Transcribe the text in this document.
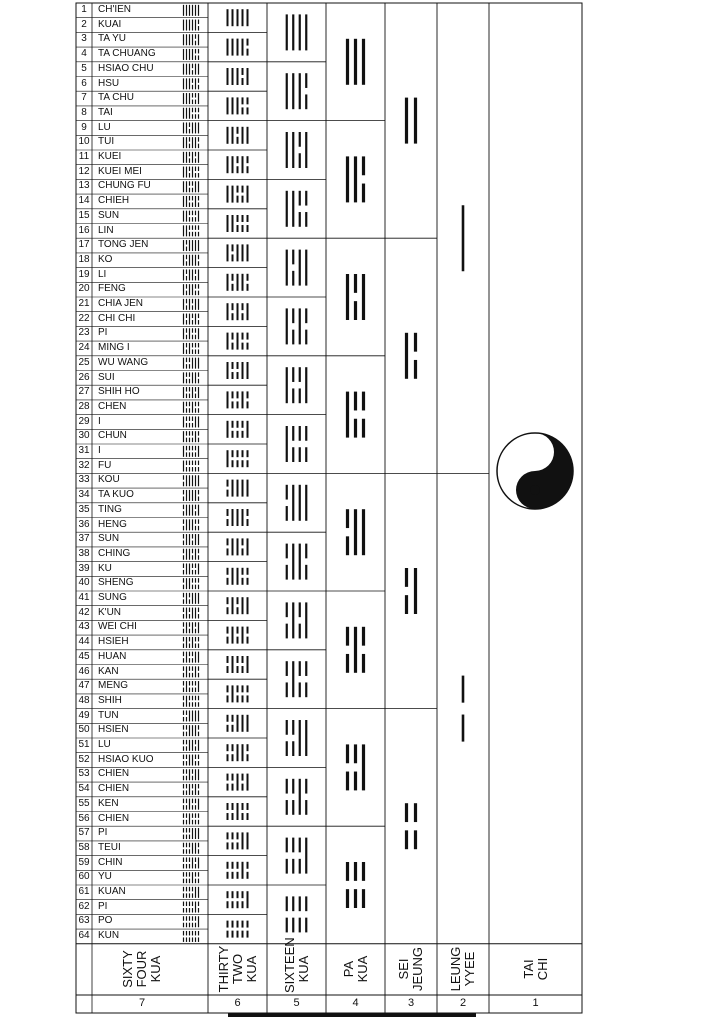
1	CH'IEN
2	KUAI
3	TA YU
4	TA CHUANG
5	HSIAO CHU
6	HSU
7	TA CHU
8	TAI
9	LU
10 TUI
11 KUEI
12 KUEI MEI
13 CHUNG FU
14 CHIEH
15 SUN
16 LIN
17 TONG JEN
18 KO
19 LI
20 FENG
21 CHIA JEN
22 CHI CHI
23 PI
24 MING I
25 WU WANG
26 SUI
27 SHIH HO
28 CHEN
29 I
30 CHUN
31 I
32 FU
33 KOU
34 TA KUO
35 TING
36 HENG
37 SUN
38 CHING
39 KU
40 SHENG
41 SUNG
42 K'UN
43 WEI CHI
44 HSIEH
45 HUAN
46 KAN
47 MENG
48 SHIH
49 TUN
50 HSIEN
51 LU
52 HSIAO KUO
53 CHIEN
54 CHIEN
55 KEN
56 CHIEN
57 PI
58 TEUI
59 CHIN
60 YU
61 KUAN
62 PI
63 PO
64 KUN
SIXTY
FOUR
KUA
7
THIRTY
TWO
KUA
6
SIXTEEN
KUA
5
PA
KUA
4
SEI
JEUNG
3
LEUNG
YYEE
2
TAI
CHI
1
